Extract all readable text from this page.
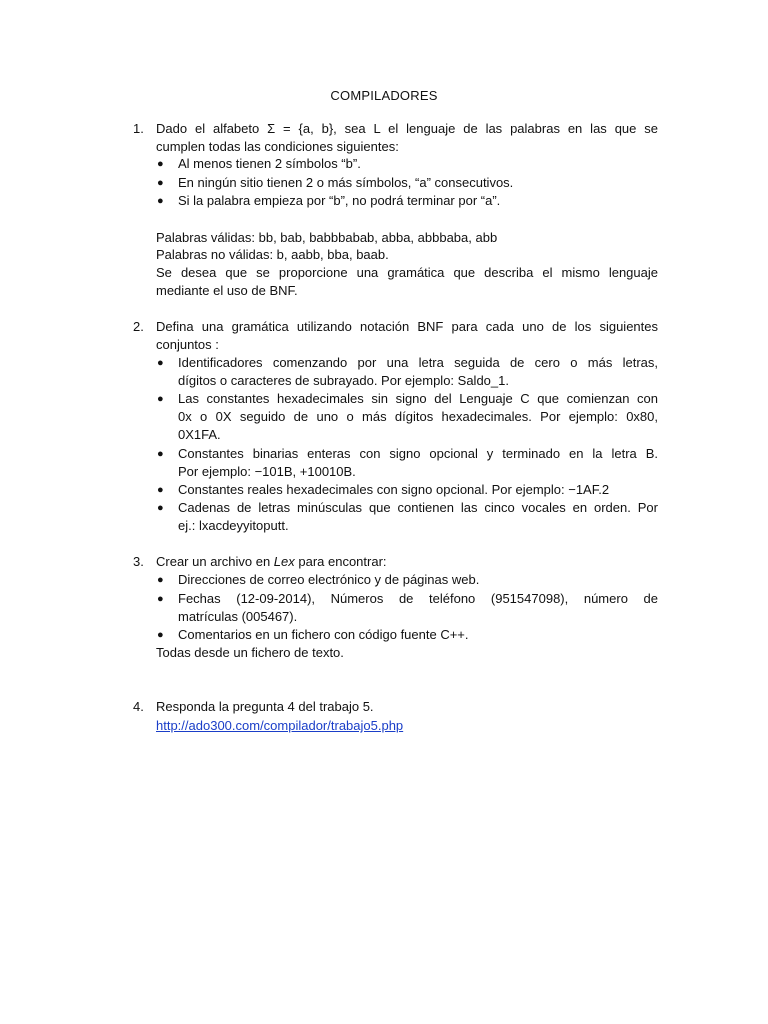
COMPILADORES
1. Dado el alfabeto Σ = {a, b}, sea L el lenguaje de las palabras en las que se
cumplen todas las condiciones siguientes:
● Al menos tienen 2 símbolos “b”.
● En ningún sitio tienen 2 o más símbolos, “a” consecutivos.
● Si la palabra empieza por “b”, no podrá terminar por “a”.
Palabras válidas: bb, bab, babbbabab, abba, abbbaba, abb
Palabras no válidas: b, aabb, bba, baab.
Se desea que se proporcione una gramática que describa el mismo lenguaje
mediante el uso de BNF.
2. Defina una gramática utilizando notación BNF para cada uno de los siguientes
conjuntos :
● Identificadores comenzando por una letra seguida de cero o más letras,
dígitos o caracteres de subrayado. Por ejemplo: Saldo_1.
● Las constantes hexadecimales sin signo del Lenguaje C que comienzan con
0x o 0X seguido de uno o más dígitos hexadecimales. Por ejemplo: 0x80,
0X1FA.
● Constantes binarias enteras con signo opcional y terminado en la letra B.
Por ejemplo: −101B, +10010B.
● Constantes reales hexadecimales con signo opcional. Por ejemplo: −1AF.2
● Cadenas de letras minúsculas que contienen las cinco vocales en orden. Por
ej.: lxacdeyyitoputt.
3. Crear un archivo en Lex para encontrar:
● Direcciones de correo electrónico y de páginas web.
● Fechas (12-09-2014), Números de teléfono (951547098), número de
matrículas (005467).
● Comentarios en un fichero con código fuente C++.
Todas desde un fichero de texto.
4. Responda la pregunta 4 del trabajo 5.
http://ado300.com/compilador/trabajo5.php
